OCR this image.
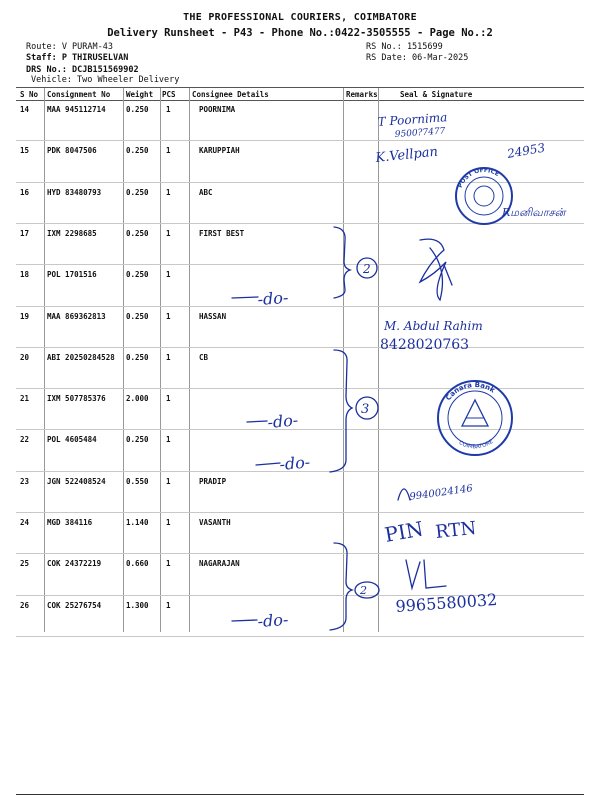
THE PROFESSIONAL COURIERS, COIMBATORE
Delivery Runsheet - P43 - Phone No.:0422-3505555 - Page No.:2
Route: V PURAM-43
Staff: P THIRUSELVAN
DRS No.: DCJB151569902
Vehicle: Two Wheeler Delivery
RS No.: 1515699
RS Date: 06-Mar-2025
S No Consignment No Weight PCS Consignee Details	Remarks	Seal & Signature
14 MAA 945112714	0.250 1	POORNIMA
15 PDK 8047506	0.250 1	KARUPPIAH
16 HYD 83480793	0.250 1	ABC
17 IXM 2298685	0.250 1	FIRST BEST
18 POL 1701516	0.250 1
19 MAA 869362813	0.250 1	HASSAN
20 ABI 20250284528 0.250 1	CB
21 IXM 507785376	2.000 1
22 POL 4605484	0.250 1
23 JGN 522408524	0.550 1	PRADIP
24 MGD 384116	1.140 1	VASANTH
25 COK 24372219	0.660 1	NAGARAJAN
26 COK 25276754	1.300 1
POST OFFICE
Canara Bank
COIMBATORE
T Poornima
9500?7477
K.Vellpan	24953
Rமனிவாசன்
-do-
2
M. Abdul Rahim
8428020763
-do-
3
-do-
9940024146
PIN RTN
2 9965580032
-do-
